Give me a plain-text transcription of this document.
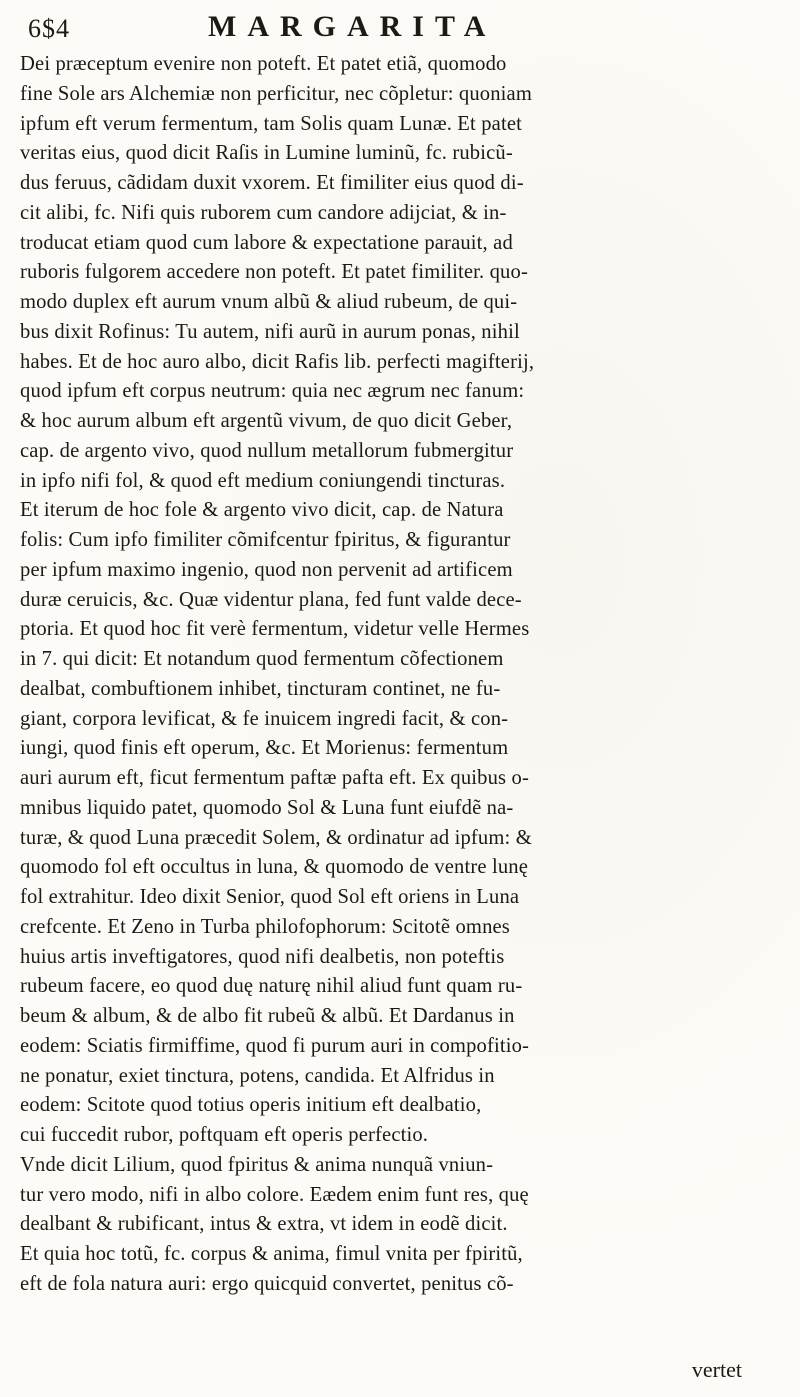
6$4	MARGARITA
Dei præceptum evenire non poteft. Et patet etiã, quomodo
fine Sole ars Alchemiæ non perficitur, nec cõpletur: quoniam
ipfum eft verum fermentum, tam Solis quam Lunæ. Et patet
veritas eius, quod dicit Raſis in Lumine luminũ, fc. rubicũ-
dus feruus, cãdidam duxit vxorem. Et fimiliter eius quod di-
cit alibi, fc. Nifi quis ruborem cum candore adijciat, & in-
troducat etiam quod cum labore & expectatione parauit, ad
ruboris fulgorem accedere non poteft. Et patet fimiliter. quo-
modo duplex eft aurum vnum albũ & aliud rubeum, de qui-
bus dixit Rofinus: Tu autem, nifi aurũ in aurum ponas, nihil
habes. Et de hoc auro albo, dicit Rafis lib. perfecti magifterij,
quod ipfum eft corpus neutrum: quia nec ægrum nec fanum:
& hoc aurum album eft argentũ vivum, de quo dicit Geber,
cap. de argento vivo, quod nullum metallorum fubmergitur
in ipfo nifi fol, & quod eft medium coniungendi tincturas.
Et iterum de hoc fole & argento vivo dicit, cap. de Natura
folis: Cum ipfo fimiliter cõmifcentur fpiritus, & figurantur
per ipfum maximo ingenio, quod non pervenit ad artificem
duræ ceruicis, &c. Quæ videntur plana, fed funt valde dece-
ptoria. Et quod hoc fit verè fermentum, videtur velle Hermes
in 7. qui dicit: Et notandum quod fermentum cõfectionem
dealbat, combuftionem inhibet, tincturam continet, ne fu-
giant, corpora levificat, & fe inuicem ingredi facit, & con-
iungi, quod finis eft operum, &c. Et Morienus: fermentum
auri aurum eft, ficut fermentum paftæ pafta eft. Ex quibus o-
mnibus liquido patet, quomodo Sol & Luna funt eiufdẽ na-
turæ, & quod Luna præcedit Solem, & ordinatur ad ipfum: &
quomodo fol eft occultus in luna, & quomodo de ventre lunę
fol extrahitur. Ideo dixit Senior, quod Sol eft oriens in Luna
crefcente. Et Zeno in Turba philofophorum: Scitotẽ omnes
huius artis inveftigatores, quod nifi dealbetis, non poteftis
rubeum facere, eo quod duę naturę nihil aliud funt quam ru-
beum & album, & de albo fit rubeũ & albũ. Et Dardanus in
eodem: Sciatis firmiffime, quod fi purum auri in compofitio-
ne ponatur, exiet tinctura, potens, candida. Et Alfridus in
eodem: Scitote quod totius operis initium eft dealbatio,
cui fuccedit rubor, poftquam eft operis perfectio.
Vnde dicit Lilium, quod fpiritus & anima nunquã vniun-
tur vero modo, nifi in albo colore. Eædem enim funt res, quę
dealbant & rubificant, intus & extra, vt idem in eodẽ dicit.
Et quia hoc totũ, fc. corpus & anima, fimul vnita per fpiritũ,
eft de fola natura auri: ergo quicquid convertet, penitus cõ-
vertet
